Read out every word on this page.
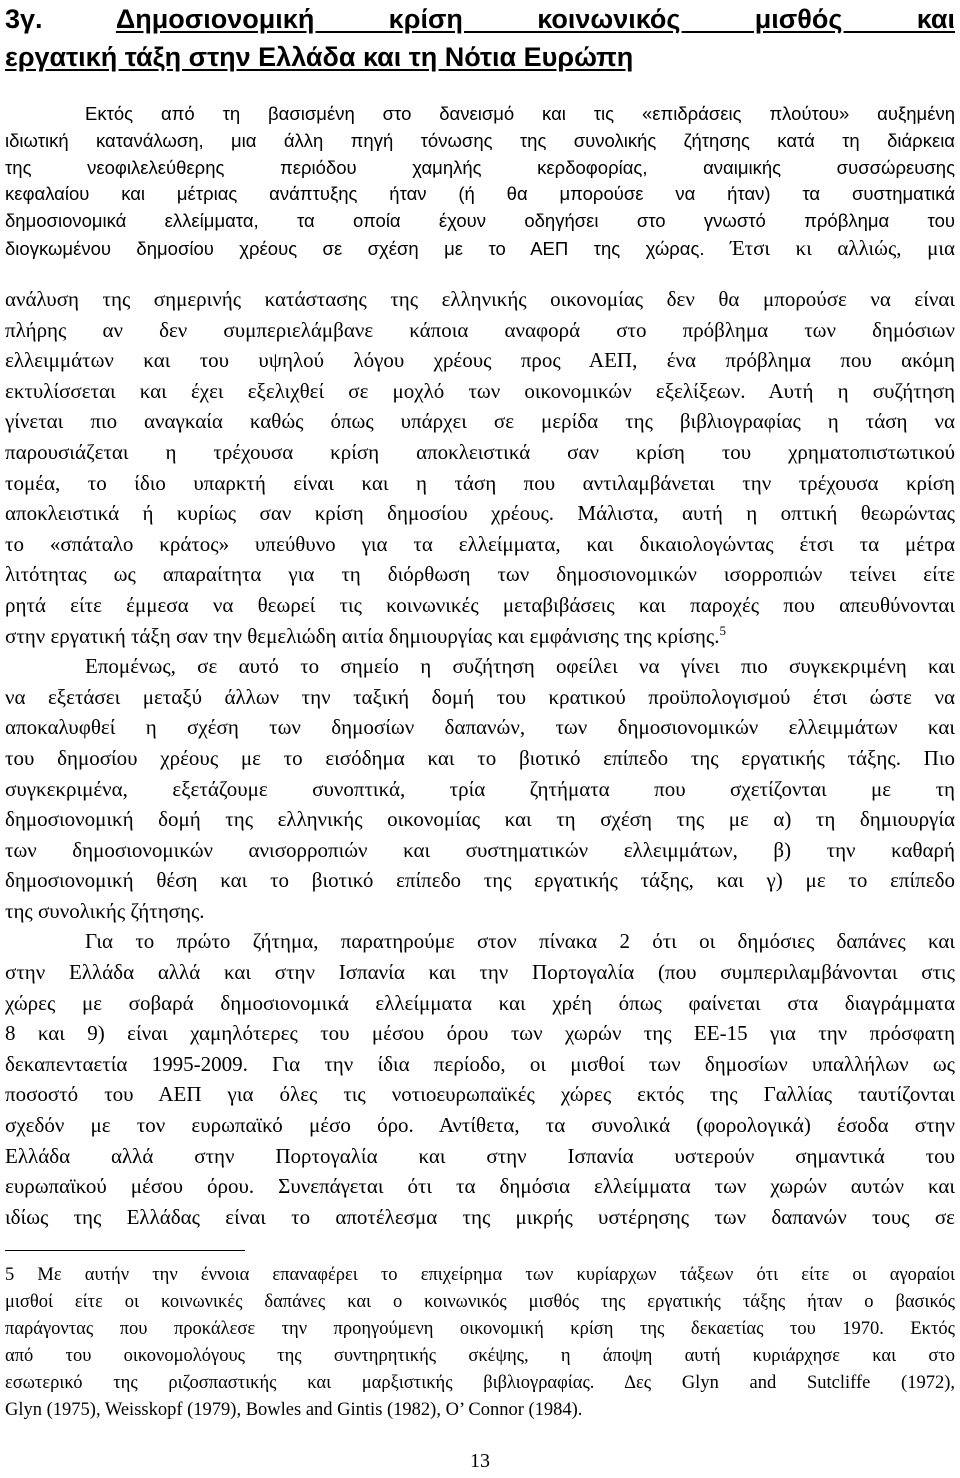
3γ.	Δημοσιονομική κρίση κοινωνικός μισθός και
εργατική τάξη στην Ελλάδα και τη Νότια Ευρώπη
Εκτός από τη βασισμένη στο δανεισμό και τις «επιδράσεις πλούτου» αυξημένη
ιδιωτική κατανάλωση, μια άλλη πηγή τόνωσης της συνολικής ζήτησης κατά τη διάρκεια
της νεοφιλελεύθερης περιόδου χαμηλής κερδοφορίας, αναιμικής συσσώρευσης
κεφαλαίου και μέτριας ανάπτυξης ήταν (ή θα μπορούσε να ήταν) τα συστηματικά
δημοσιονομικά ελλείμματα, τα οποία έχουν οδηγήσει στο γνωστό πρόβλημα του
διογκωμένου δημοσίου χρέους σε σχέση με το ΑΕΠ της χώρας. Έτσι κι αλλιώς, μια
ανάλυση της σημερινής κατάστασης της ελληνικής οικονομίας δεν θα μπορούσε να είναι
πλήρης αν δεν συμπεριελάμβανε κάποια αναφορά στο πρόβλημα των δημόσιων
ελλειμμάτων και του υψηλού λόγου χρέους προς ΑΕΠ, ένα πρόβλημα που ακόμη
εκτυλίσσεται και έχει εξελιχθεί σε μοχλό των οικονομικών εξελίξεων. Αυτή η συζήτηση
γίνεται πιο αναγκαία καθώς όπως υπάρχει σε μερίδα της βιβλιογραφίας η τάση να
παρουσιάζεται η τρέχουσα κρίση αποκλειστικά σαν κρίση του χρηματοπιστωτικού
τομέα, το ίδιο υπαρκτή είναι και η τάση που αντιλαμβάνεται την τρέχουσα κρίση
αποκλειστικά ή κυρίως σαν κρίση δημοσίου χρέους. Μάλιστα, αυτή η οπτική θεωρώντας
το «σπάταλο κράτος» υπεύθυνο για τα ελλείμματα, και δικαιολογώντας έτσι τα μέτρα
λιτότητας ως απαραίτητα για τη διόρθωση των δημοσιονομικών ισορροπιών τείνει είτε
ρητά είτε έμμεσα να θεωρεί τις κοινωνικές μεταβιβάσεις και παροχές που απευθύνονται
στην εργατική τάξη σαν την θεμελιώδη αιτία δημιουργίας και εμφάνισης της κρίσης.$^5$
Επομένως, σε αυτό το σημείο η συζήτηση οφείλει να γίνει πιο συγκεκριμένη και
να εξετάσει μεταξύ άλλων την ταξική δομή του κρατικού προϋπολογισμού έτσι ώστε να
αποκαλυφθεί η σχέση των δημοσίων δαπανών, των δημοσιονομικών ελλειμμάτων και
του δημοσίου χρέους με το εισόδημα και το βιοτικό επίπεδο της εργατικής τάξης. Πιο
συγκεκριμένα, εξετάζουμε συνοπτικά, τρία ζητήματα που σχετίζονται με τη
δημοσιονομική δομή της ελληνικής οικονομίας και τη σχέση της με α) τη δημιουργία
των δημοσιονομικών ανισορροπιών και συστηματικών ελλειμμάτων, β) την καθαρή
δημοσιονομική θέση και το βιοτικό επίπεδο της εργατικής τάξης, και γ) με το επίπεδο
της συνολικής ζήτησης.
Για το πρώτο ζήτημα, παρατηρούμε στον πίνακα 2 ότι οι δημόσιες δαπάνες και
στην Ελλάδα αλλά και στην Ισπανία και την Πορτογαλία (που συμπεριλαμβάνονται στις
χώρες με σοβαρά δημοσιονομικά ελλείμματα και χρέη όπως φαίνεται στα διαγράμματα
8 και 9) είναι χαμηλότερες του μέσου όρου των χωρών της ΕΕ-15 για την πρόσφατη
δεκαπενταετία 1995-2009. Για την ίδια περίοδο, οι μισθοί των δημοσίων υπαλλήλων ως
ποσοστό του ΑΕΠ για όλες τις νοτιοευρωπαϊκές χώρες εκτός της Γαλλίας ταυτίζονται
σχεδόν με τον ευρωπαϊκό μέσο όρο. Αντίθετα, τα συνολικά (φορολογικά) έσοδα στην
Ελλάδα αλλά στην Πορτογαλία και στην Ισπανία υστερούν σημαντικά του
ευρωπαϊκού μέσου όρου. Συνεπάγεται ότι τα δημόσια ελλείμματα των χωρών αυτών και
ιδίως της Ελλάδας είναι το αποτέλεσμα της μικρής υστέρησης των δαπανών τους σε
5 Με αυτήν την έννοια επαναφέρει το επιχείρημα των κυρίαρχων τάξεων ότι είτε οι αγοραίοι
μισθοί είτε οι κοινωνικές δαπάνες και ο κοινωνικός μισθός της εργατικής τάξης ήταν ο βασικός
παράγοντας που προκάλεσε την προηγούμενη οικονομική κρίση της δεκαετίας του 1970. Εκτός
από του οικονομολόγους της συντηρητικής σκέψης, η άποψη αυτή κυριάρχησε και στο
εσωτερικό της ριζοσπαστικής και μαρξιστικής βιβλιογραφίας. Δες Glyn and Sutcliffe (1972),
Glyn (1975), Weisskopf (1979), Bowles and Gintis (1982), O’ Connor (1984).
13
